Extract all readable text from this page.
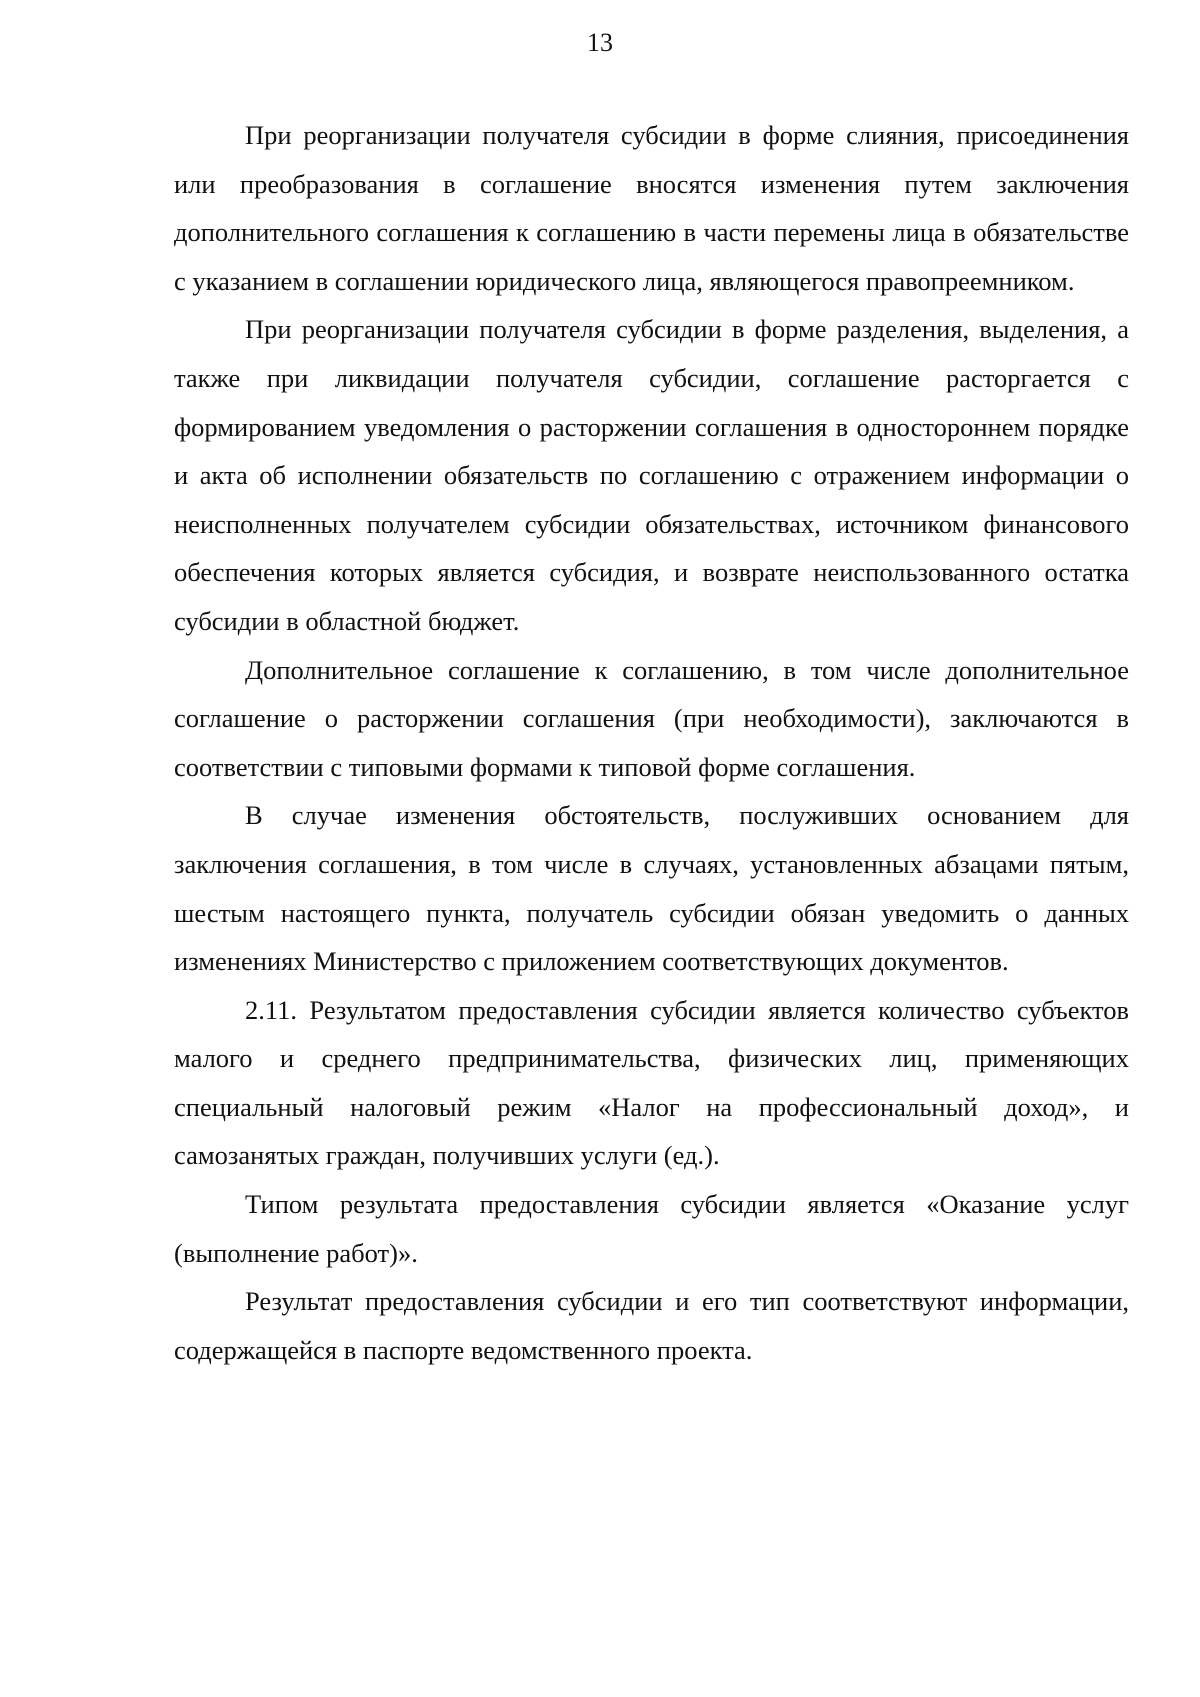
13

При реорганизации получателя субсидии в форме слияния, присоединения или преобразования в соглашение вносятся изменения путем заключения дополнительного соглашения к соглашению в части перемены лица в обязательстве с указанием в соглашении юридического лица, являющегося правопреемником.

При реорганизации получателя субсидии в форме разделения, выделения, а также при ликвидации получателя субсидии, соглашение расторгается с формированием уведомления о расторжении соглашения в одностороннем порядке и акта об исполнении обязательств по соглашению с отражением информации о неисполненных получателем субсидии обязательствах, источником финансового обеспечения которых является субсидия, и возврате неиспользованного остатка субсидии в областной бюджет.

Дополнительное соглашение к соглашению, в том числе дополнительное соглашение о расторжении соглашения (при необходимости), заключаются в соответствии с типовыми формами к типовой форме соглашения.

В случае изменения обстоятельств, послуживших основанием для заключения соглашения, в том числе в случаях, установленных абзацами пятым, шестым настоящего пункта, получатель субсидии обязан уведомить о данных изменениях Министерство с приложением соответствующих документов.

2.11. Результатом предоставления субсидии является количество субъектов малого и среднего предпринимательства, физических лиц, применяющих специальный налоговый режим «Налог на профессиональный доход», и самозанятых граждан, получивших услуги (ед.).

Типом результата предоставления субсидии является «Оказание услуг (выполнение работ)».

Результат предоставления субсидии и его тип соответствуют информации, содержащейся в паспорте ведомственного проекта.
